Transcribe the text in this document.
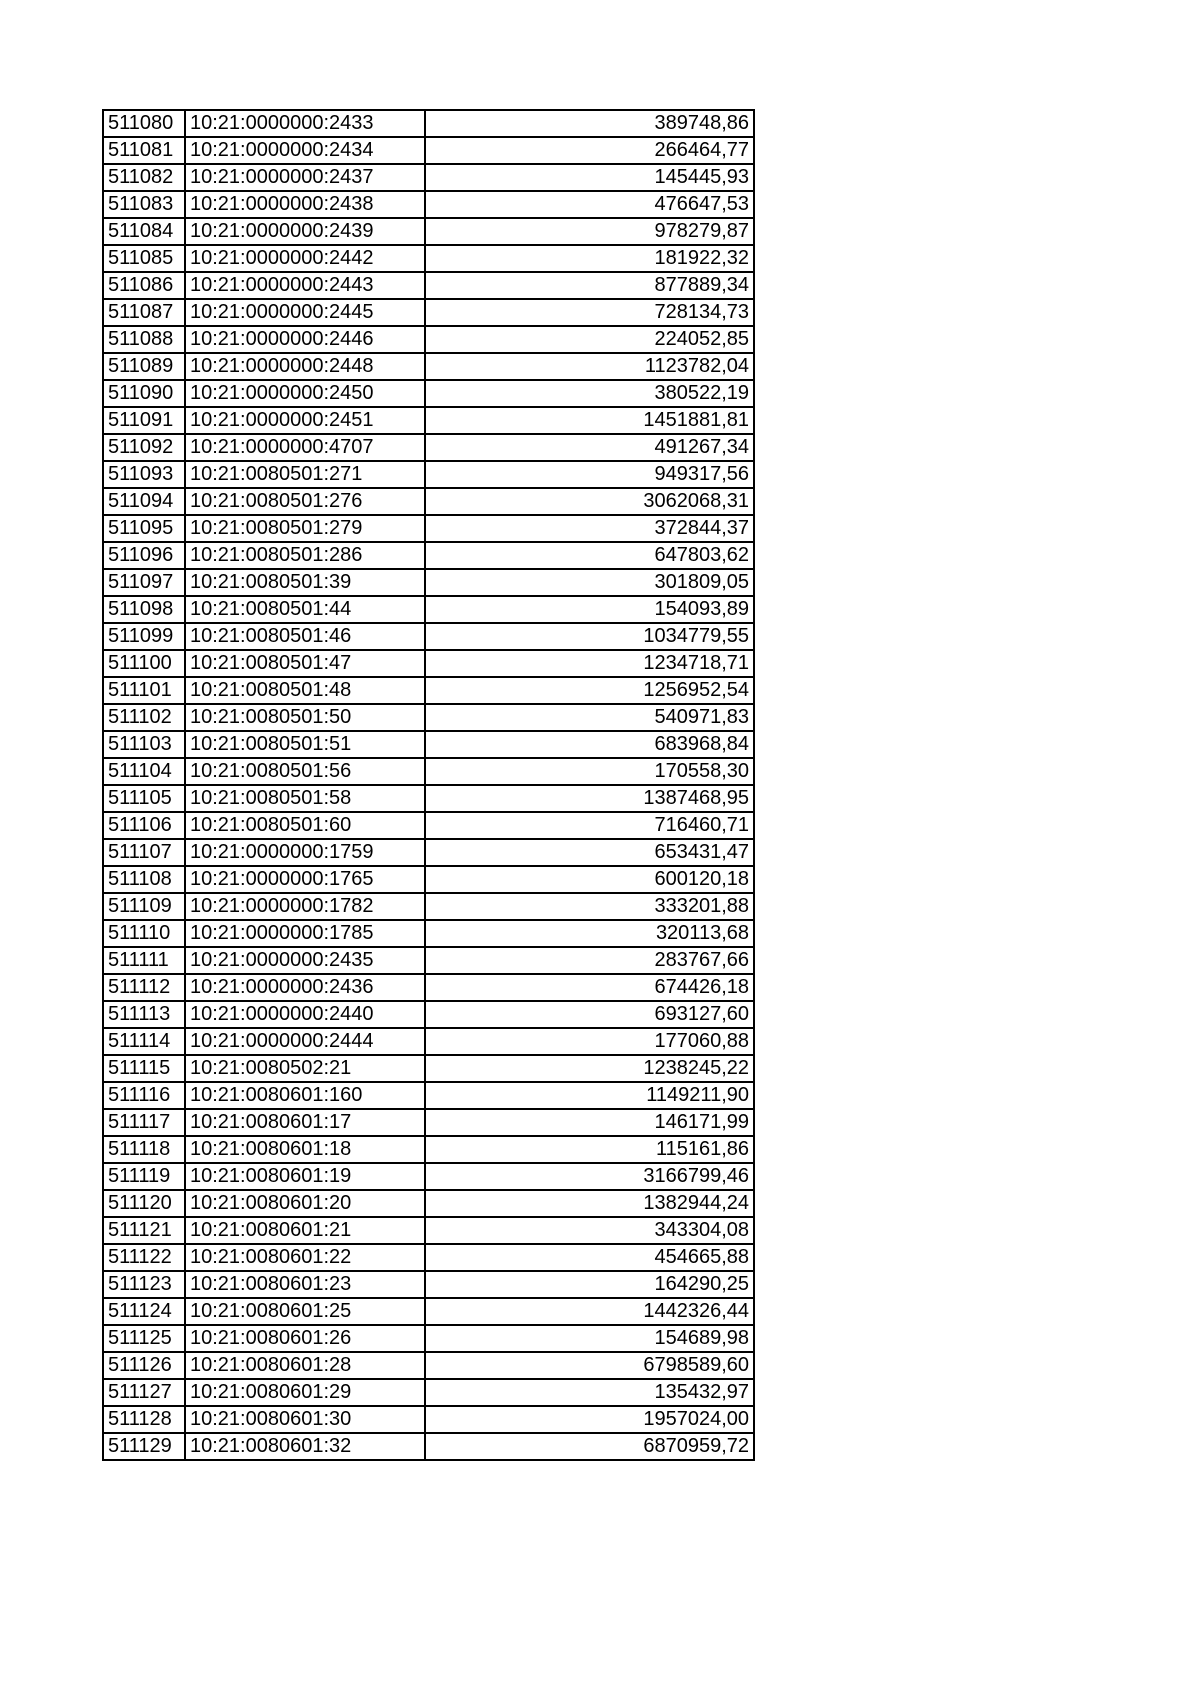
511080	10:21:0000000:2433	389748,86
511081	10:21:0000000:2434	266464,77
511082	10:21:0000000:2437	145445,93
511083	10:21:0000000:2438	476647,53
511084	10:21:0000000:2439	978279,87
511085	10:21:0000000:2442	181922,32
511086	10:21:0000000:2443	877889,34
511087	10:21:0000000:2445	728134,73
511088	10:21:0000000:2446	224052,85
511089	10:21:0000000:2448	1123782,04
511090	10:21:0000000:2450	380522,19
511091	10:21:0000000:2451	1451881,81
511092	10:21:0000000:4707	491267,34
511093	10:21:0080501:271	949317,56
511094	10:21:0080501:276	3062068,31
511095	10:21:0080501:279	372844,37
511096	10:21:0080501:286	647803,62
511097	10:21:0080501:39	301809,05
511098	10:21:0080501:44	154093,89
511099	10:21:0080501:46	1034779,55
511100	10:21:0080501:47	1234718,71
511101	10:21:0080501:48	1256952,54
511102	10:21:0080501:50	540971,83
511103	10:21:0080501:51	683968,84
511104	10:21:0080501:56	170558,30
511105	10:21:0080501:58	1387468,95
511106	10:21:0080501:60	716460,71
511107	10:21:0000000:1759	653431,47
511108	10:21:0000000:1765	600120,18
511109	10:21:0000000:1782	333201,88
511110	10:21:0000000:1785	320113,68
511111	10:21:0000000:2435	283767,66
511112	10:21:0000000:2436	674426,18
511113	10:21:0000000:2440	693127,60
511114	10:21:0000000:2444	177060,88
511115	10:21:0080502:21	1238245,22
511116	10:21:0080601:160	1149211,90
511117	10:21:0080601:17	146171,99
511118	10:21:0080601:18	115161,86
511119	10:21:0080601:19	3166799,46
511120	10:21:0080601:20	1382944,24
511121	10:21:0080601:21	343304,08
511122	10:21:0080601:22	454665,88
511123	10:21:0080601:23	164290,25
511124	10:21:0080601:25	1442326,44
511125	10:21:0080601:26	154689,98
511126	10:21:0080601:28	6798589,60
511127	10:21:0080601:29	135432,97
511128	10:21:0080601:30	1957024,00
511129	10:21:0080601:32	6870959,72
